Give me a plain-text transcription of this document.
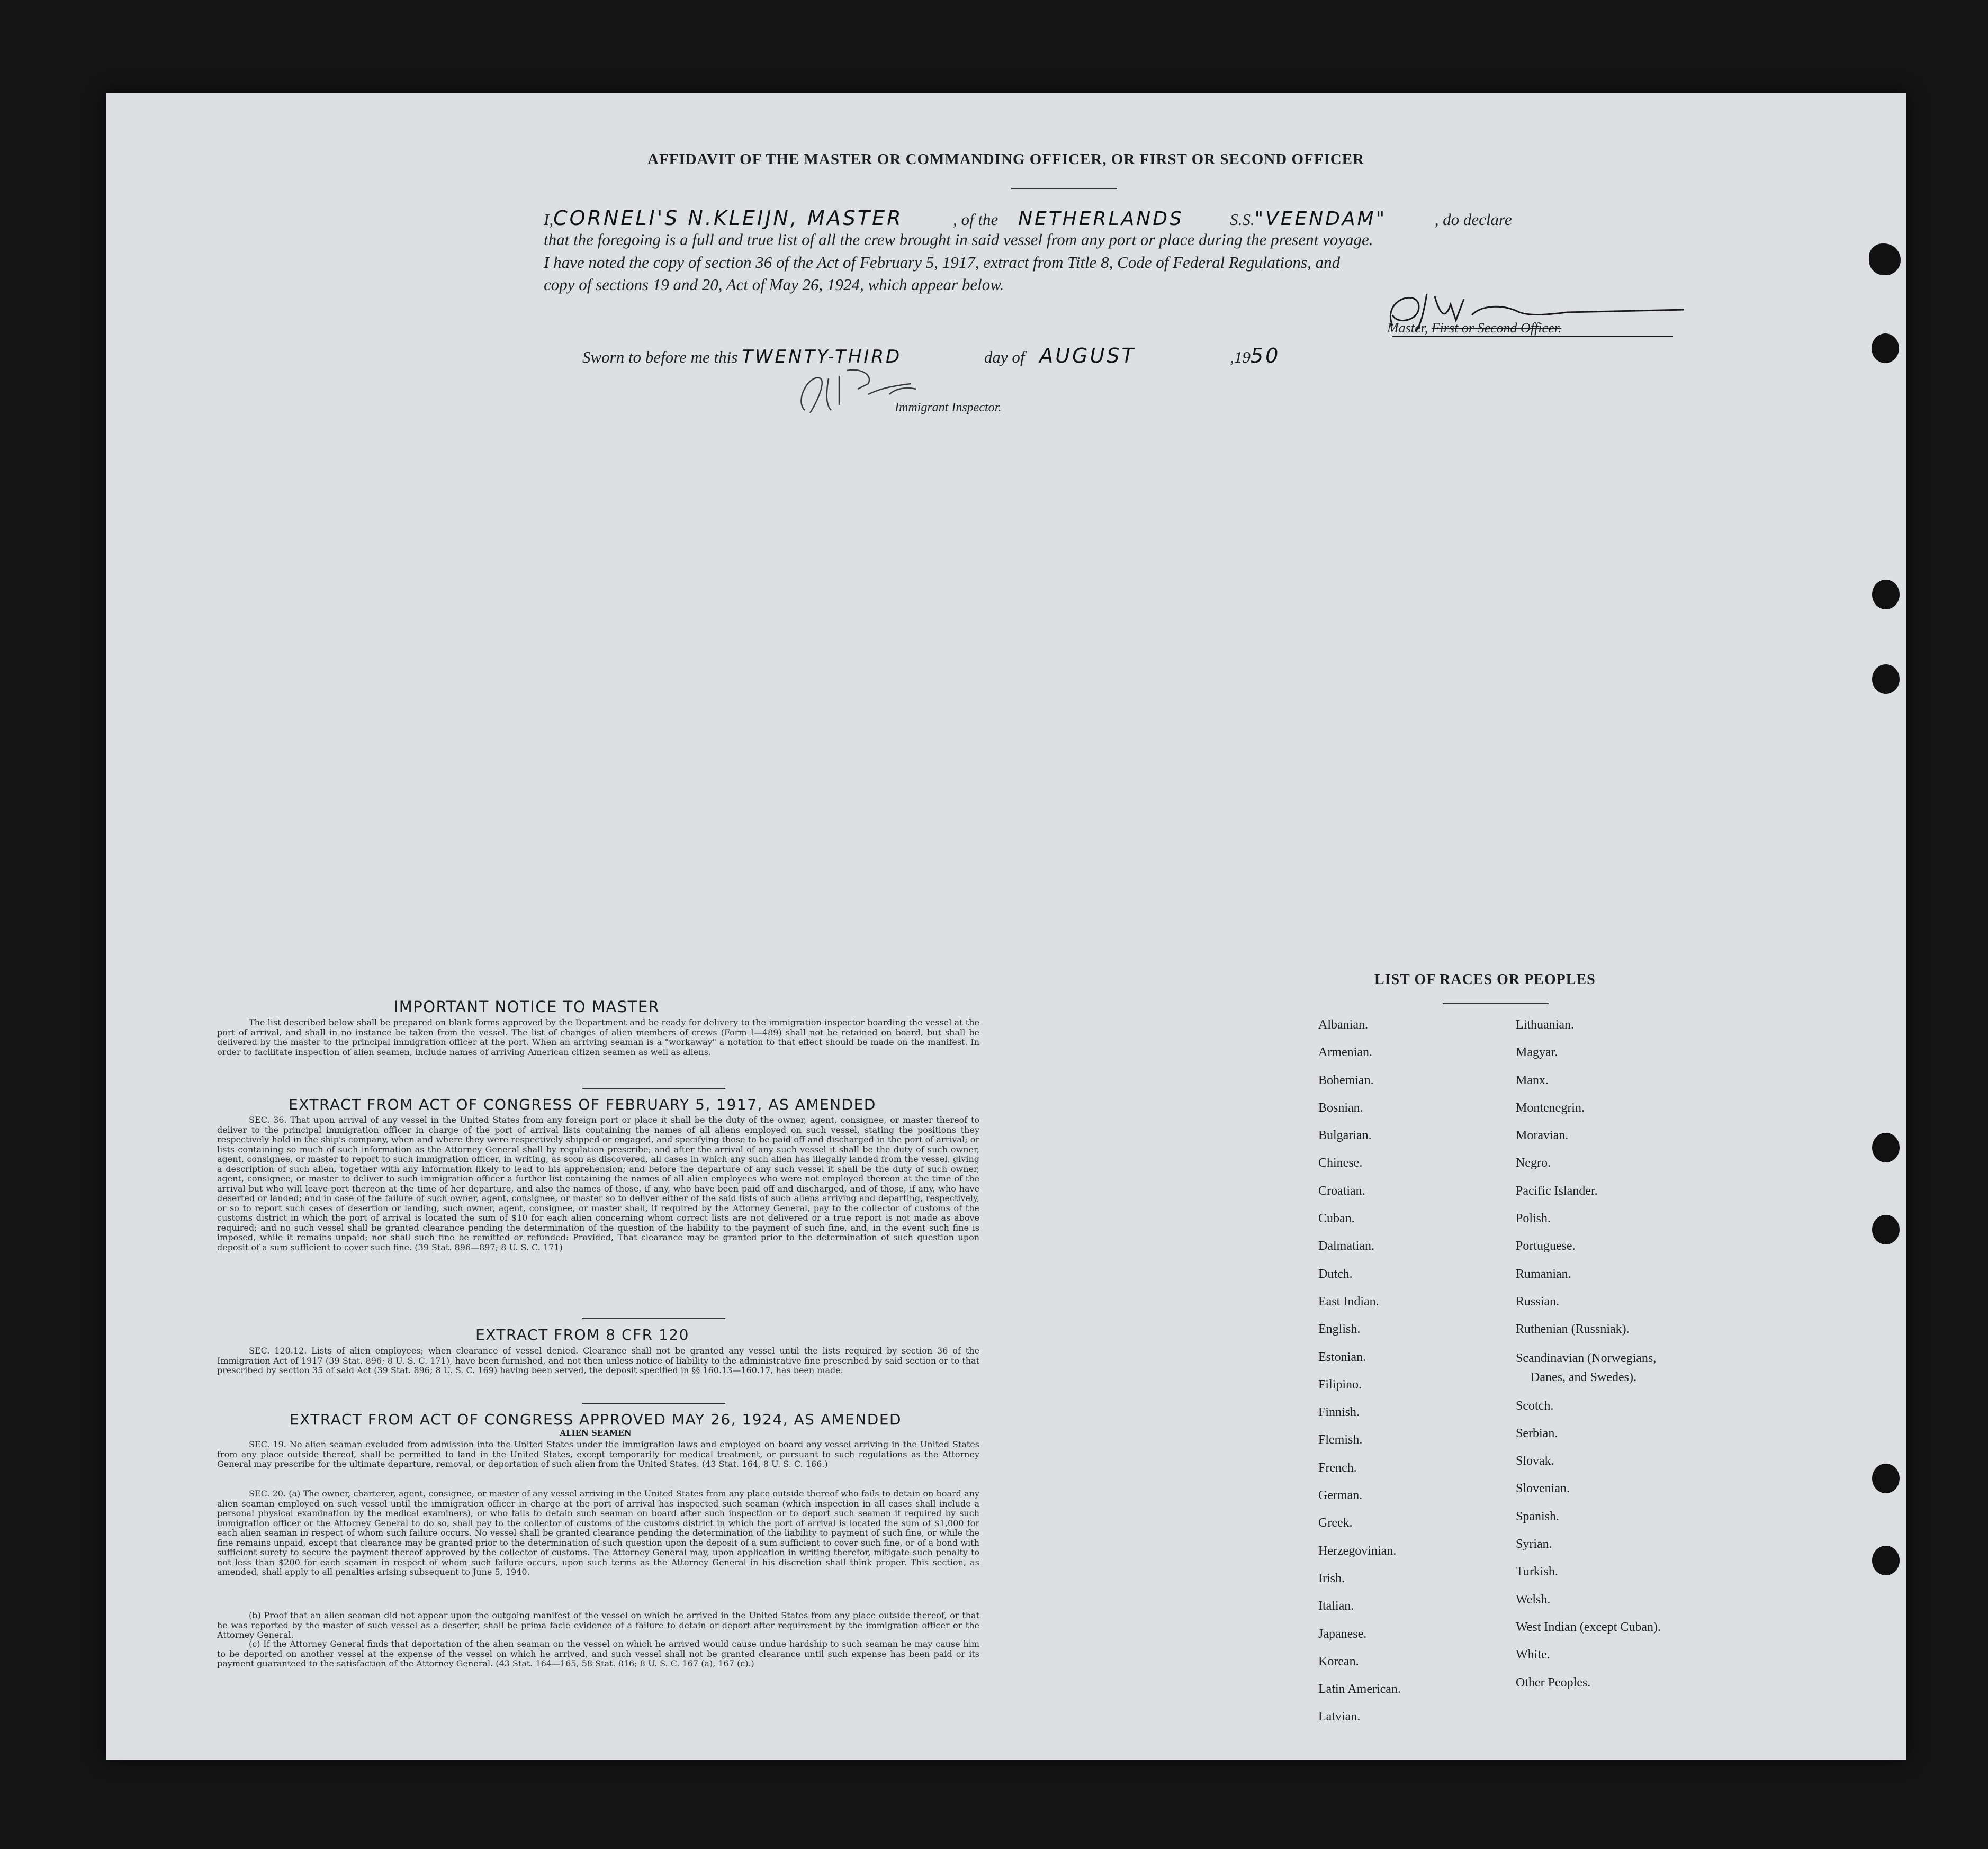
AFFIDAVIT OF THE MASTER OR COMMANDING OFFICER, OR FIRST OR SECOND OFFICER
I,CORNELI'S N.KLEIJN, MASTER	, of the NETHERLANDS	S.S."VEENDAM"	, do declare
that the foregoing is a full and true list of all the crew brought in said vessel from any port or place during the present voyage.
I have noted the copy of section 36 of the Act of February 5, 1917, extract from Title 8, Code of Federal Regulations, and
copy of sections 19 and 20, Act of May 26, 1924, which appear below.
Master, First or Second Officer.
Sworn to before me this TWENTY-THIRD	day of AUGUST	,1950
Immigrant Inspector.
IMPORTANT NOTICE TO MASTER
The list described below shall be prepared on blank forms approved by the Department and be ready for delivery to the immigration inspector boarding the vessel at the port of arrival, and shall in no instance be taken from the vessel. The list of changes of alien members of crews (Form I—489) shall not be retained on board, but shall be delivered by the master to the principal immigration officer at the port. When an arriving seaman is a "workaway" a notation to that effect should be made on the manifest. In order to facilitate inspection of alien seamen, include names of arriving American citizen seamen as well as aliens.
EXTRACT FROM ACT OF CONGRESS OF FEBRUARY 5, 1917, AS AMENDED
SEC. 36. That upon arrival of any vessel in the United States from any foreign port or place it shall be the duty of the owner, agent, consignee, or master thereof to deliver to the principal immigration officer in charge of the port of arrival lists containing the names of all aliens employed on such vessel, stating the positions they respectively hold in the ship's company, when and where they were respectively shipped or engaged, and specifying those to be paid off and discharged in the port of arrival; or lists containing so much of such information as the Attorney General shall by regulation prescribe; and after the arrival of any such vessel it shall be the duty of such owner, agent, consignee, or master to report to such immigration officer, in writing, as soon as discovered, all cases in which any such alien has illegally landed from the vessel, giving a description of such alien, together with any information likely to lead to his apprehension; and before the departure of any such vessel it shall be the duty of such owner, agent, consignee, or master to deliver to such immigration officer a further list containing the names of all alien employees who were not employed thereon at the time of the arrival but who will leave port thereon at the time of her departure, and also the names of those, if any, who have been paid off and discharged, and of those, if any, who have deserted or landed; and in case of the failure of such owner, agent, consignee, or master so to deliver either of the said lists of such aliens arriving and departing, respectively, or so to report such cases of desertion or landing, such owner, agent, consignee, or master shall, if required by the Attorney General, pay to the collector of customs of the customs district in which the port of arrival is located the sum of $10 for each alien concerning whom correct lists are not delivered or a true report is not made as above required; and no such vessel shall be granted clearance pending the determination of the question of the liability to the payment of such fine, and, in the event such fine is imposed, while it remains unpaid; nor shall such fine be remitted or refunded: Provided, That clearance may be granted prior to the determination of such question upon deposit of a sum sufficient to cover such fine. (39 Stat. 896—897; 8 U. S. C. 171)
EXTRACT FROM 8 CFR 120
SEC. 120.12. Lists of alien employees; when clearance of vessel denied. Clearance shall not be granted any vessel until the lists required by section 36 of the Immigration Act of 1917 (39 Stat. 896; 8 U. S. C. 171), have been furnished, and not then unless notice of liability to the administrative fine prescribed by said section or to that prescribed by section 35 of said Act (39 Stat. 896; 8 U. S. C. 169) having been served, the deposit specified in §§ 160.13—160.17, has been made.
EXTRACT FROM ACT OF CONGRESS APPROVED MAY 26, 1924, AS AMENDED
ALIEN SEAMEN
SEC. 19. No alien seaman excluded from admission into the United States under the immigration laws and employed on board any vessel arriving in the United States from any place outside thereof, shall be permitted to land in the United States, except temporarily for medical treatment, or pursuant to such regulations as the Attorney General may prescribe for the ultimate departure, removal, or deportation of such alien from the United States. (43 Stat. 164, 8 U. S. C. 166.)
SEC. 20. (a) The owner, charterer, agent, consignee, or master of any vessel arriving in the United States from any place outside thereof who fails to detain on board any alien seaman employed on such vessel until the immigration officer in charge at the port of arrival has inspected such seaman (which inspection in all cases shall include a personal physical examination by the medical examiners), or who fails to detain such seaman on board after such inspection or to deport such seaman if required by such immigration officer or the Attorney General to do so, shall pay to the collector of customs of the customs district in which the port of arrival is located the sum of $1,000 for each alien seaman in respect of whom such failure occurs. No vessel shall be granted clearance pending the determination of the liability to payment of such fine, or while the fine remains unpaid, except that clearance may be granted prior to the determination of such question upon the deposit of a sum sufficient to cover such fine, or of a bond with sufficient surety to secure the payment thereof approved by the collector of customs. The Attorney General may, upon application in writing therefor, mitigate such penalty to not less than $200 for each seaman in respect of whom such failure occurs, upon such terms as the Attorney General in his discretion shall think proper. This section, as amended, shall apply to all penalties arising subsequent to June 5, 1940.
(b) Proof that an alien seaman did not appear upon the outgoing manifest of the vessel on which he arrived in the United States from any place outside thereof, or that he was reported by the master of such vessel as a deserter, shall be prima facie evidence of a failure to detain or deport after requirement by the immigration officer or the Attorney General.
(c) If the Attorney General finds that deportation of the alien seaman on the vessel on which he arrived would cause undue hardship to such seaman he may cause him to be deported on another vessel at the expense of the vessel on which he arrived, and such vessel shall not be granted clearance until such expense has been paid or its payment guaranteed to the satisfaction of the Attorney General. (43 Stat. 164—165, 58 Stat. 816; 8 U. S. C. 167 (a), 167 (c).)
LIST OF RACES OR PEOPLES
Albanian.
Armenian.
Bohemian.
Bosnian.
Bulgarian.
Chinese.
Croatian.
Cuban.
Dalmatian.
Dutch.
East Indian.
English.
Estonian.
Filipino.
Finnish.
Flemish.
French.
German.
Greek.
Herzegovinian.
Irish.
Italian.
Japanese.
Korean.
Latin American.
Latvian.
Lithuanian.
Magyar.
Manx.
Montenegrin.
Moravian.
Negro.
Pacific Islander.
Polish.
Portuguese.
Rumanian.
Russian.
Ruthenian (Russniak).
Scandinavian (Norwegians,
Danes, and Swedes).
Scotch.
Serbian.
Slovak.
Slovenian.
Spanish.
Syrian.
Turkish.
Welsh.
West Indian (except Cuban).
White.
Other Peoples.
